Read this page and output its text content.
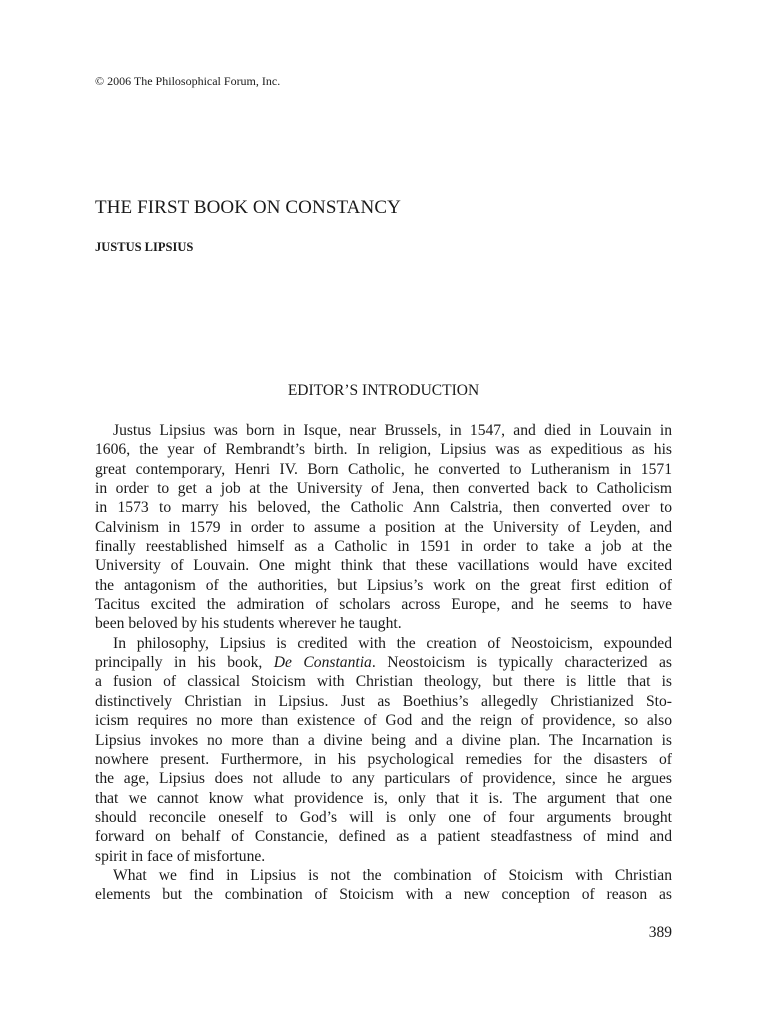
© 2006 The Philosophical Forum, Inc.
THE FIRST BOOK ON CONSTANCY
JUSTUS LIPSIUS
EDITOR’S INTRODUCTION

Justus Lipsius was born in Isque, near Brussels, in 1547, and died in Louvain in
1606, the year of Rembrandt’s birth. In religion, Lipsius was as expeditious as his
great contemporary, Henri IV. Born Catholic, he converted to Lutheranism in 1571
in order to get a job at the University of Jena, then converted back to Catholicism
in 1573 to marry his beloved, the Catholic Ann Calstria, then converted over to
Calvinism in 1579 in order to assume a position at the University of Leyden, and
finally reestablished himself as a Catholic in 1591 in order to take a job at the
University of Louvain. One might think that these vacillations would have excited
the antagonism of the authorities, but Lipsius’s work on the great first edition of
Tacitus excited the admiration of scholars across Europe, and he seems to have
been beloved by his students wherever he taught.

In philosophy, Lipsius is credited with the creation of Neostoicism, expounded
principally in his book, De Constantia. Neostoicism is typically characterized as
a fusion of classical Stoicism with Christian theology, but there is little that is
distinctively Christian in Lipsius. Just as Boethius’s allegedly Christianized Sto-
icism requires no more than existence of God and the reign of providence, so also
Lipsius invokes no more than a divine being and a divine plan. The Incarnation is
nowhere present. Furthermore, in his psychological remedies for the disasters of
the age, Lipsius does not allude to any particulars of providence, since he argues
that we cannot know what providence is, only that it is. The argument that one
should reconcile oneself to God’s will is only one of four arguments brought
forward on behalf of Constancie, defined as a patient steadfastness of mind and
spirit in face of misfortune.

What we find in Lipsius is not the combination of Stoicism with Christian
elements but the combination of Stoicism with a new conception of reason as

389
